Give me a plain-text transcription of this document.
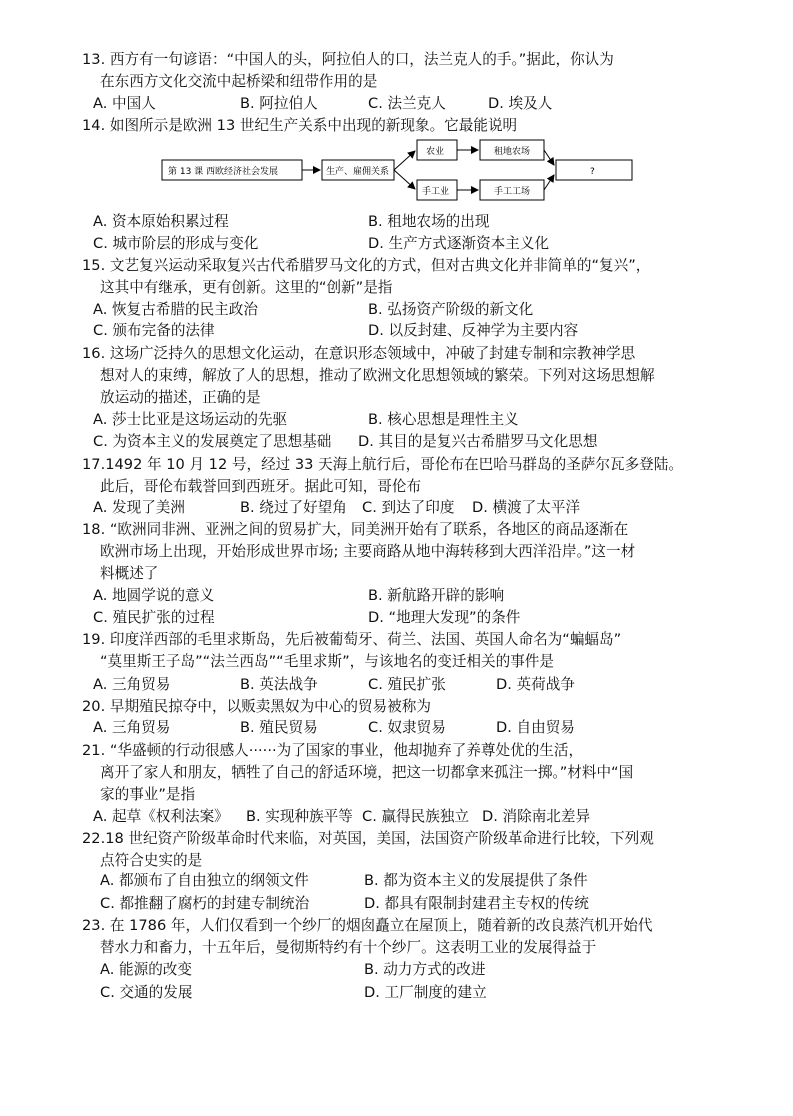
13. 西方有一句谚语：“中国人的头，阿拉伯人的口，法兰克人的手。”据此，你认为
在东西方文化交流中起桥梁和纽带作用的是
A. 中国人	B. 阿拉伯人	C. 法兰克人	D. 埃及人
14. 如图所示是欧洲 13 世纪生产关系中出现的新现象。它最能说明
第 13 课 西欧经济社会发展	生产、雇佣关系
农业	租地农场
手工业	手工工场
?
A. 资本原始积累过程	B. 租地农场的出现
C. 城市阶层的形成与变化	D. 生产方式逐渐资本主义化
15. 文艺复兴运动采取复兴古代希腊罗马文化的方式，但对古典文化并非简单的“复兴”，
这其中有继承，更有创新。这里的“创新”是指
A. 恢复古希腊的民主政治	B. 弘扬资产阶级的新文化
C. 颁布完备的法律	D. 以反封建、反神学为主要内容
16. 这场广泛持久的思想文化运动，在意识形态领域中，冲破了封建专制和宗教神学思
想对人的束缚，解放了人的思想，推动了欧洲文化思想领域的繁荣。下列对这场思想解
放运动的描述，正确的是
A. 莎士比亚是这场运动的先驱	B. 核心思想是理性主义
C. 为资本主义的发展奠定了思想基础 D. 其目的是复兴古希腊罗马文化思想
17.1492 年 10 月 12 号，经过 33 天海上航行后，哥伦布在巴哈马群岛的圣萨尔瓦多登陆。
此后，哥伦布载誉回到西班牙。据此可知，哥伦布
A. 发现了美洲	B. 绕过了好望角 C. 到达了印度 D. 横渡了太平洋
18. “欧洲同非洲、亚洲之间的贸易扩大，同美洲开始有了联系，各地区的商品逐渐在
欧洲市场上出现，开始形成世界市场; 主要商路从地中海转移到大西洋沿岸。”这一材
料概述了
A. 地圆学说的意义	B. 新航路开辟的影响
C. 殖民扩张的过程	D. “地理大发现”的条件
19. 印度洋西部的毛里求斯岛，先后被葡萄牙、荷兰、法国、英国人命名为“蝙蝠岛”
“莫里斯王子岛”“法兰西岛”“毛里求斯”，与该地名的变迁相关的事件是
A. 三角贸易	B. 英法战争	C. 殖民扩张	D. 英荷战争
20. 早期殖民掠夺中，以贩卖黑奴为中心的贸易被称为
A. 三角贸易	B. 殖民贸易	C. 奴隶贸易	D. 自由贸易
21. “华盛顿的行动很感人······为了国家的事业，他却抛弃了养尊处优的生活，
离开了家人和朋友，牺牲了自己的舒适环境，把这一切都拿来孤注一掷。”材料中“国
家的事业”是指
A. 起草《权利法案》 B. 实现种族平等 C. 赢得民族独立 D. 消除南北差异
22.18 世纪资产阶级革命时代来临，对英国，美国，法国资产阶级革命进行比较，下列观
点符合史实的是
A. 都颁布了自由独立的纲领文件	B. 都为资本主义的发展提供了条件
C. 都推翻了腐朽的封建专制统治	D. 都具有限制封建君主专权的传统
23. 在 1786 年，人们仅看到一个纱厂的烟囱矗立在屋顶上，随着新的改良蒸汽机开始代
替水力和畜力，十五年后，曼彻斯特约有十个纱厂。这表明工业的发展得益于
A. 能源的改变	B. 动力方式的改进
C. 交通的发展	D. 工厂制度的建立
